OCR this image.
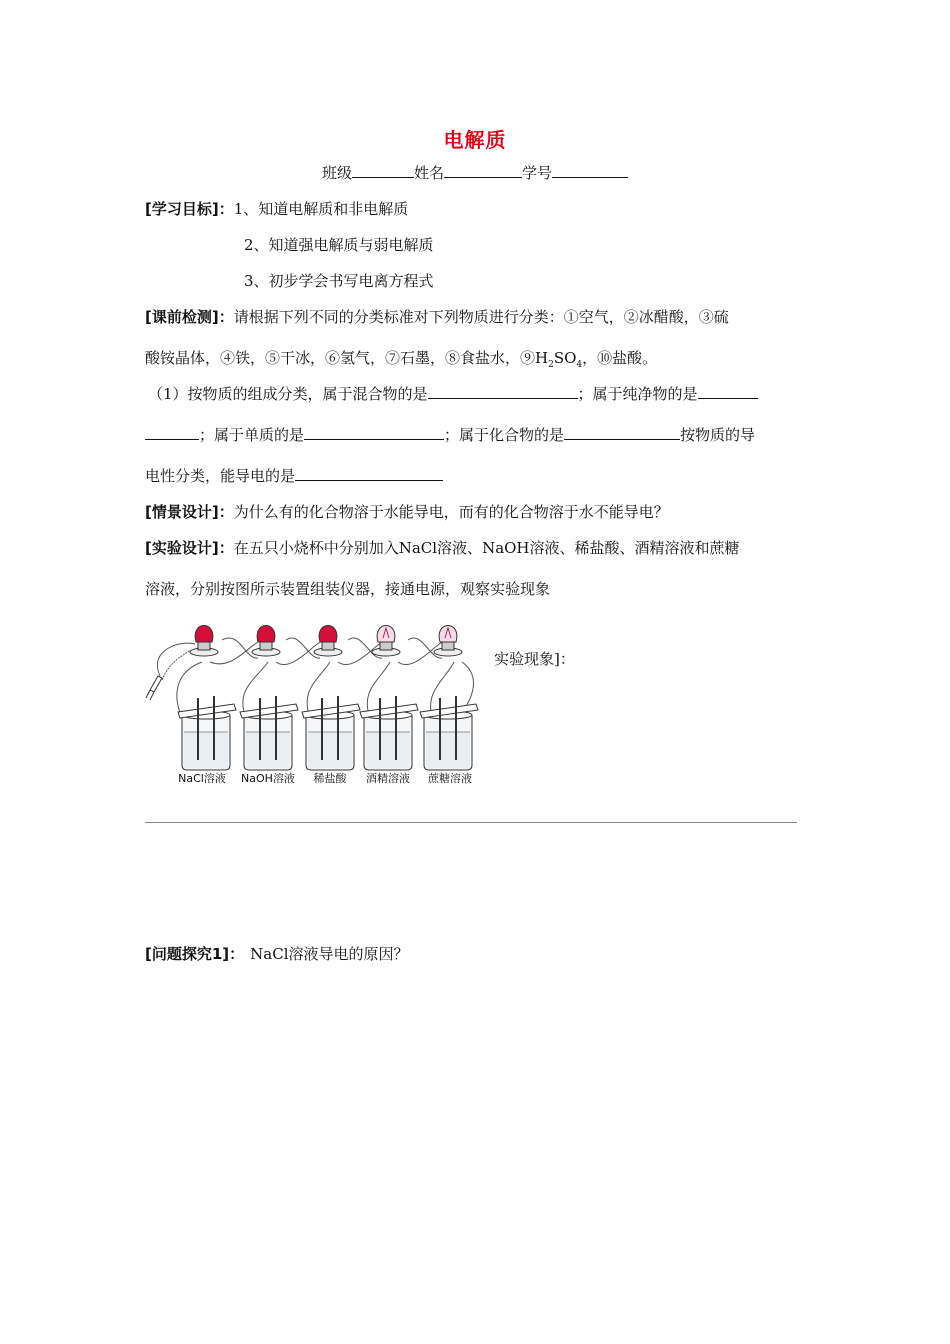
电解质
班级	姓名	学号
[学习目标]：1、知道电解质和非电解质
2、知道强电解质与弱电解质
3、初步学会书写电离方程式
[课前检测]：请根据下列不同的分类标准对下列物质进行分类：①空气，②冰醋酸，③硫
酸铵晶体，④铁，⑤干冰，⑥氢气，⑦石墨，⑧食盐水，$⑨H_2SO_4$，⑩盐酸。
（1）按物质的组成分类，属于混合物的是	；属于纯净物的是
；属于单质的是	；属于化合物的是	按物质的导
电性分类，能导电的是
[情景设计]：为什么有的化合物溶于水能导电，而有的化合物溶于水不能导电？
[实验设计]：在五只小烧杯中分别加入NaCl溶液、NaOH溶液、稀盐酸、酒精溶液和蔗糖
溶液，分别按图所示装置组装仪器，接通电源，观察实验现象
实验现象]：
NaCl溶液 NaOH溶液 稀盐酸 酒精溶液 蔗糖溶液
[问题探究1]： NaCl溶液导电的原因？
